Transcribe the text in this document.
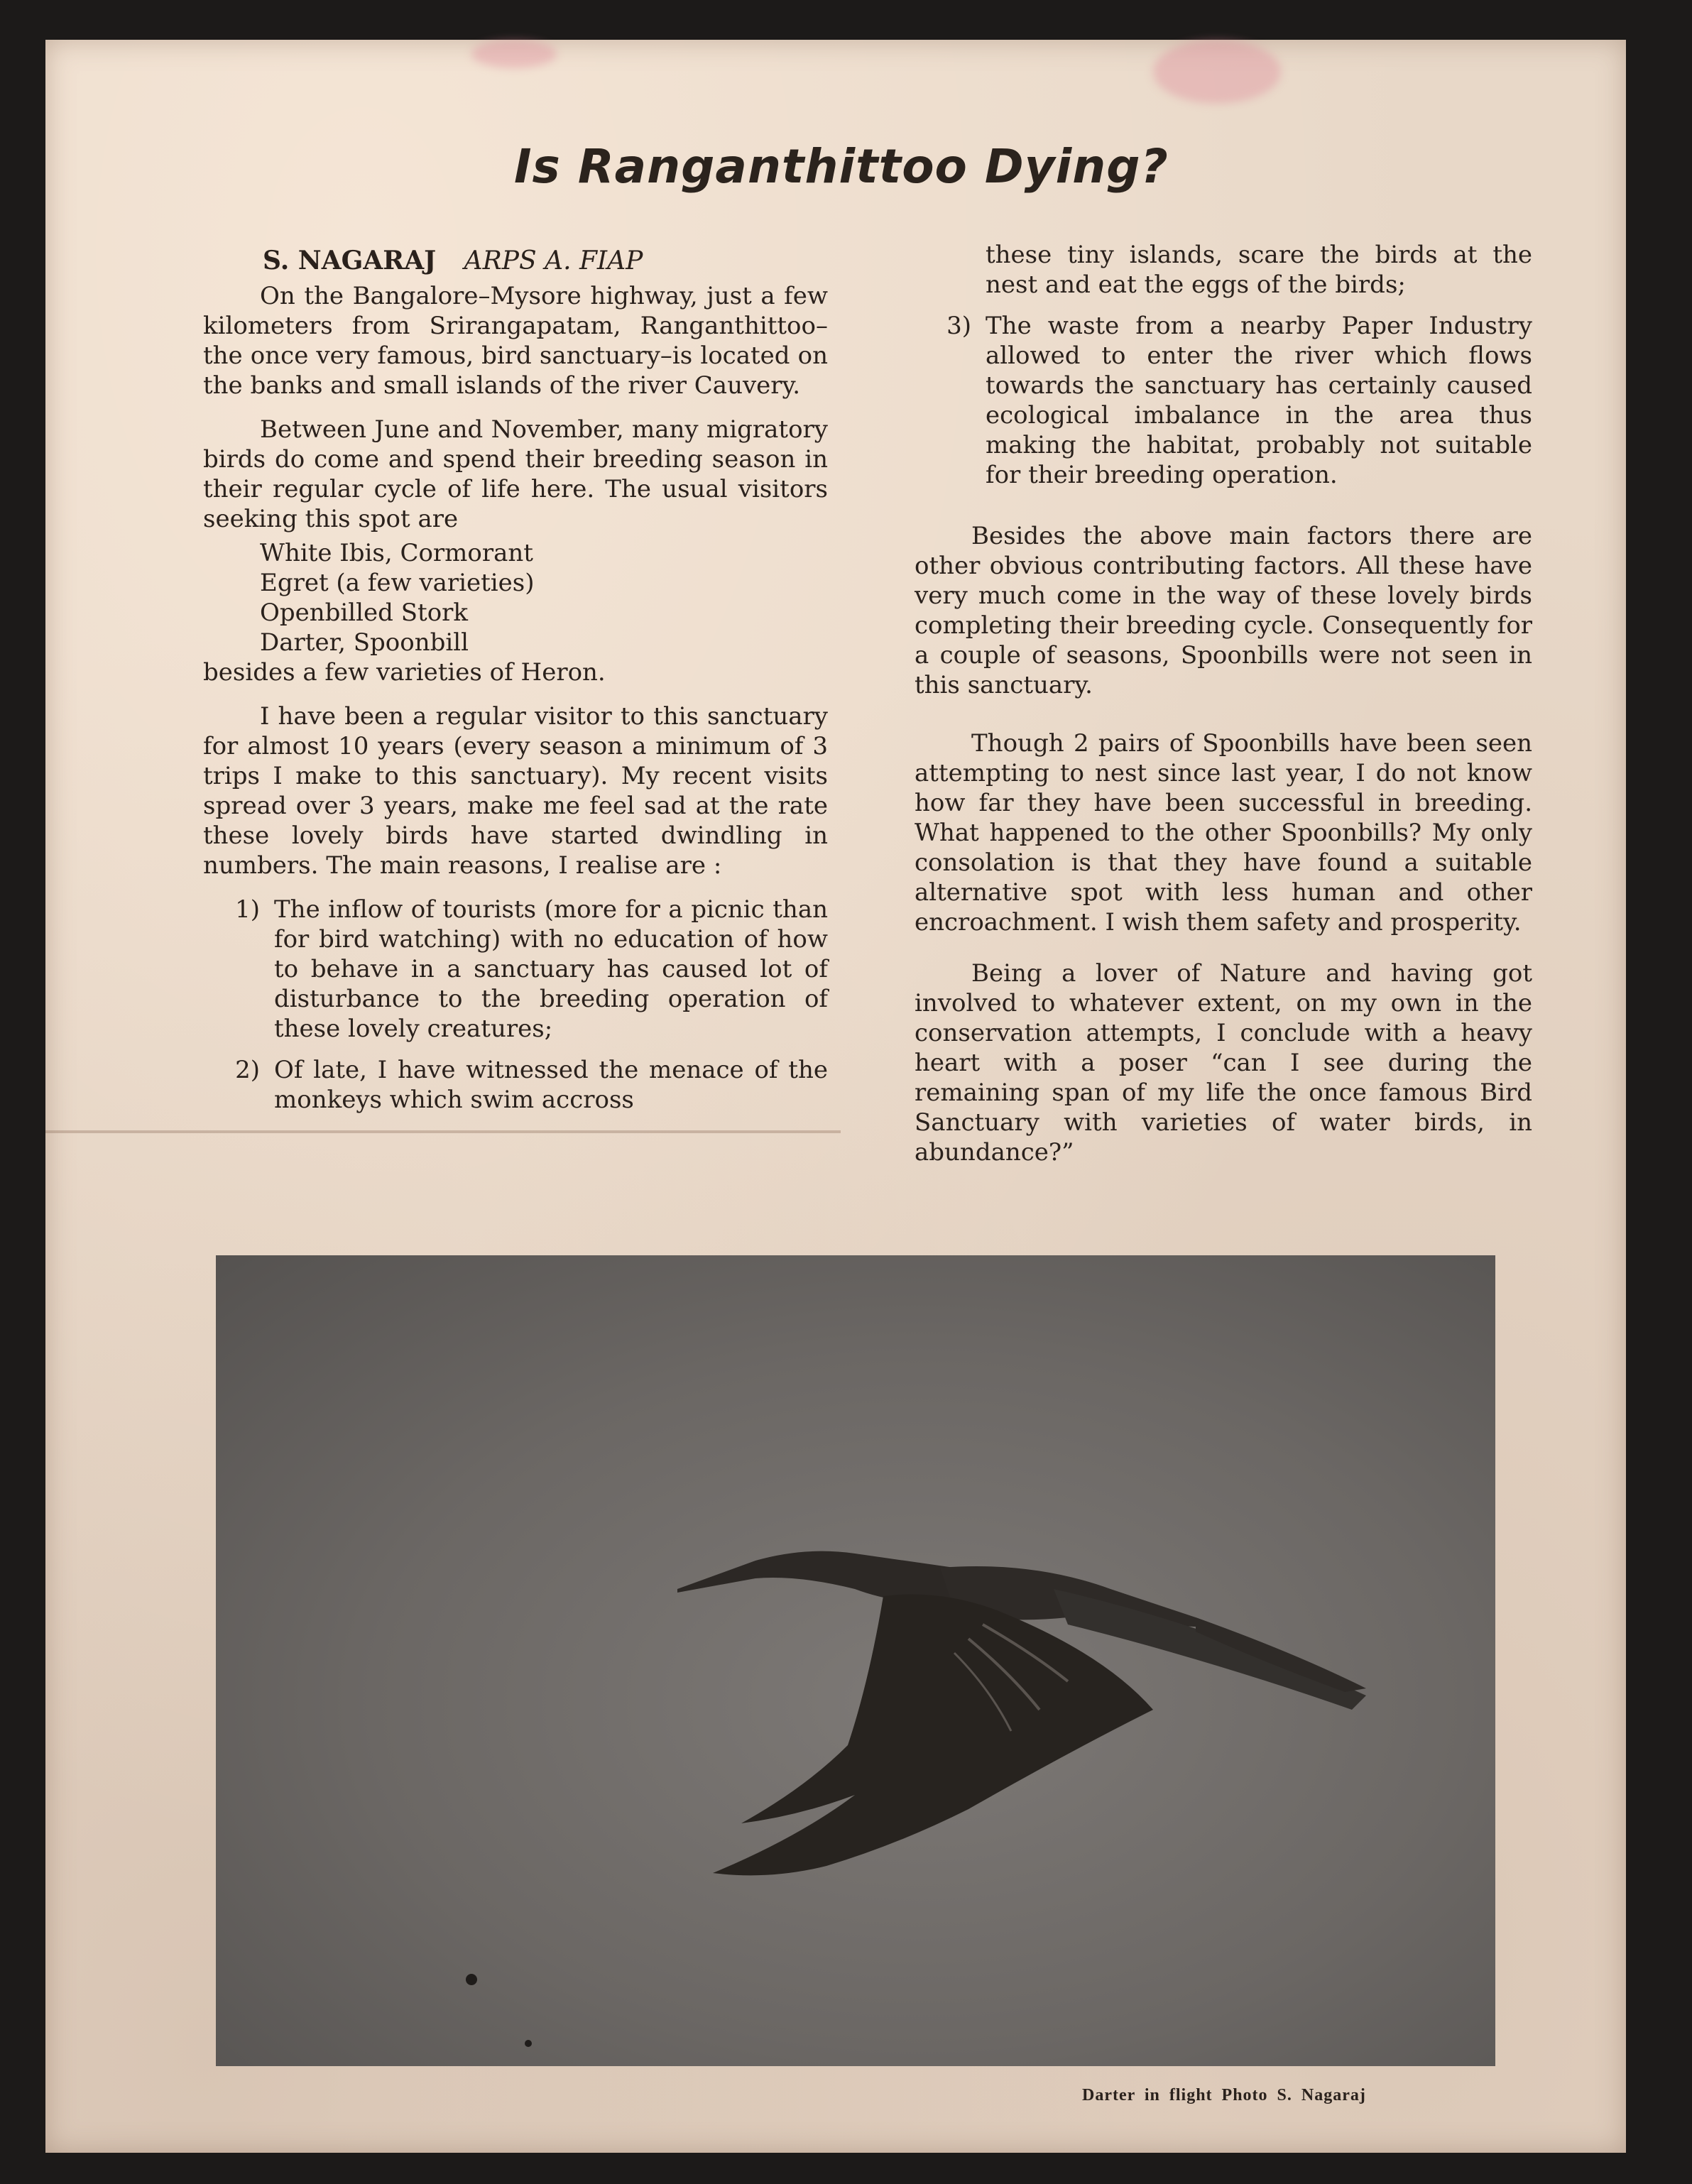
Is Ranganthittoo Dying?
S. NAGARAJ ARPS A. FIAP

On the Bangalore–Mysore highway, just a few kilometers from Srirangapatam, Ranganthittoo–the once very famous, bird sanctuary–is located on the banks and small islands of the river Cauvery.

Between June and November, many migratory birds do come and spend their breeding season in their regular cycle of life here. The usual visitors seeking this spot are

White Ibis, Cormorant
Egret (a few varieties)
Openbilled Stork
Darter, Spoonbill

besides a few varieties of Heron.

I have been a regular visitor to this sanctuary for almost 10 years (every season a minimum of 3 trips I make to this sanctuary). My recent visits spread over 3 years, make me feel sad at the rate these lovely birds have started dwindling in numbers. The main reasons, I realise are :

1) The inflow of tourists (more for a picnic than for bird watching) with no education of how to behave in a sanctuary has caused lot of disturbance to the breeding operation of these lovely creatures;
2) Of late, I have witnessed the menace of the monkeys which swim accross
these tiny islands, scare the birds at the nest and eat the eggs of the birds;
3) The waste from a nearby Paper Industry allowed to enter the river which flows towards the sanctuary has certainly caused ecological imbalance in the area thus making the habitat, probably not suitable for their breeding operation.

Besides the above main factors there are other obvious contributing factors. All these have very much come in the way of these lovely birds completing their breeding cycle. Consequently for a couple of seasons, Spoonbills were not seen in this sanctuary.

Though 2 pairs of Spoonbills have been seen attempting to nest since last year, I do not know how far they have been successful in breeding. What happened to the other Spoonbills? My only consolation is that they have found a suitable alternative spot with less human and other encroachment. I wish them safety and prosperity.

Being a lover of Nature and having got involved to whatever extent, on my own in the conservation attempts, I conclude with a heavy heart with a poser “can I see during the remaining span of my life the once famous Bird Sanctuary with varieties of water birds, in abundance?”

Darter in flight Photo S. Nagaraj
